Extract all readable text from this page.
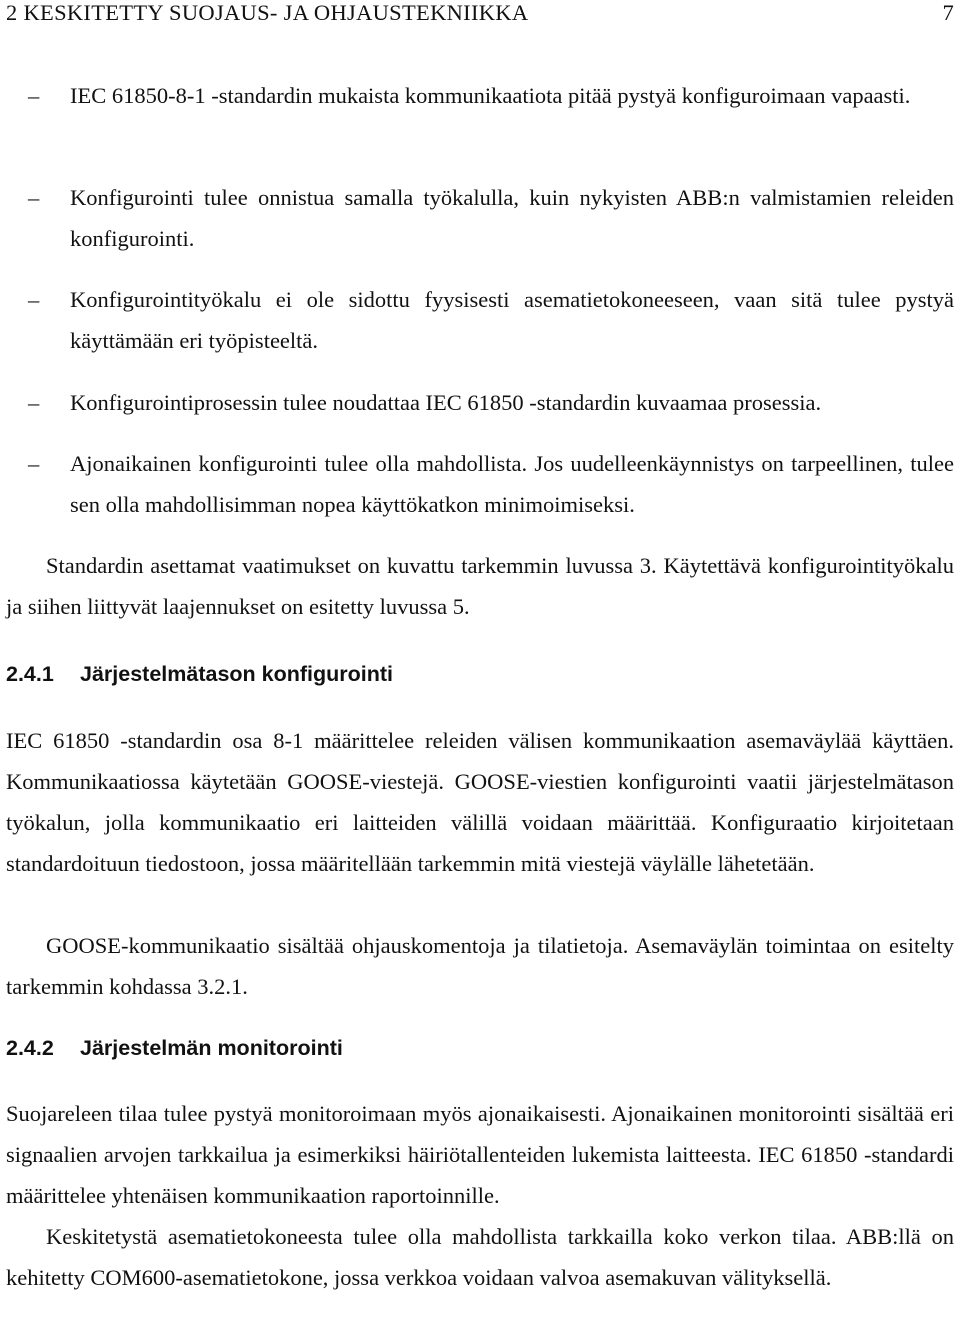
2 KESKITETTY SUOJAUS- JA OHJAUSTEKNIIKKA	7
– IEC 61850-8-1 -standardin mukaista kommunikaatiota pitää pystyä konfiguroimaan vapaasti.
– Konfigurointi tulee onnistua samalla työkalulla, kuin nykyisten ABB:n valmistamien releiden konfigurointi.
– Konfigurointityökalu ei ole sidottu fyysisesti asematietokoneeseen, vaan sitä tulee pystyä käyttämään eri työpisteeltä.
– Konfigurointiprosessin tulee noudattaa IEC 61850 -standardin kuvaamaa prosessia.
– Ajonaikainen konfigurointi tulee olla mahdollista. Jos uudelleenkäynnistys on tarpeellinen, tulee sen olla mahdollisimman nopea käyttökatkon minimoimiseksi.
Standardin asettamat vaatimukset on kuvattu tarkemmin luvussa 3. Käytettävä konfigurointityökalu ja siihen liittyvät laajennukset on esitetty luvussa 5.
2.4.1 Järjestelmätason konfigurointi
IEC 61850 -standardin osa 8-1 määrittelee releiden välisen kommunikaation asemaväylää käyttäen. Kommunikaatiossa käytetään GOOSE-viestejä. GOOSE-viestien konfigurointi vaatii järjestelmätason työkalun, jolla kommunikaatio eri laitteiden välillä voidaan määrittää. Konfiguraatio kirjoitetaan standardoituun tiedostoon, jossa määritellään tarkemmin mitä viestejä väylälle lähetetään.
GOOSE-kommunikaatio sisältää ohjauskomentoja ja tilatietoja. Asemaväylän toimintaa on esitelty tarkemmin kohdassa 3.2.1.
2.4.2 Järjestelmän monitorointi
Suojareleen tilaa tulee pystyä monitoroimaan myös ajonaikaisesti. Ajonaikainen monitorointi sisältää eri signaalien arvojen tarkkailua ja esimerkiksi häiriötallenteiden lukemista laitteesta. IEC 61850 -standardi määrittelee yhtenäisen kommunikaation raportoinnille.
Keskitetystä asematietokoneesta tulee olla mahdollista tarkkailla koko verkon tilaa. ABB:llä on kehitetty COM600-asematietokone, jossa verkkoa voidaan valvoa asemakuvan välityksellä.
